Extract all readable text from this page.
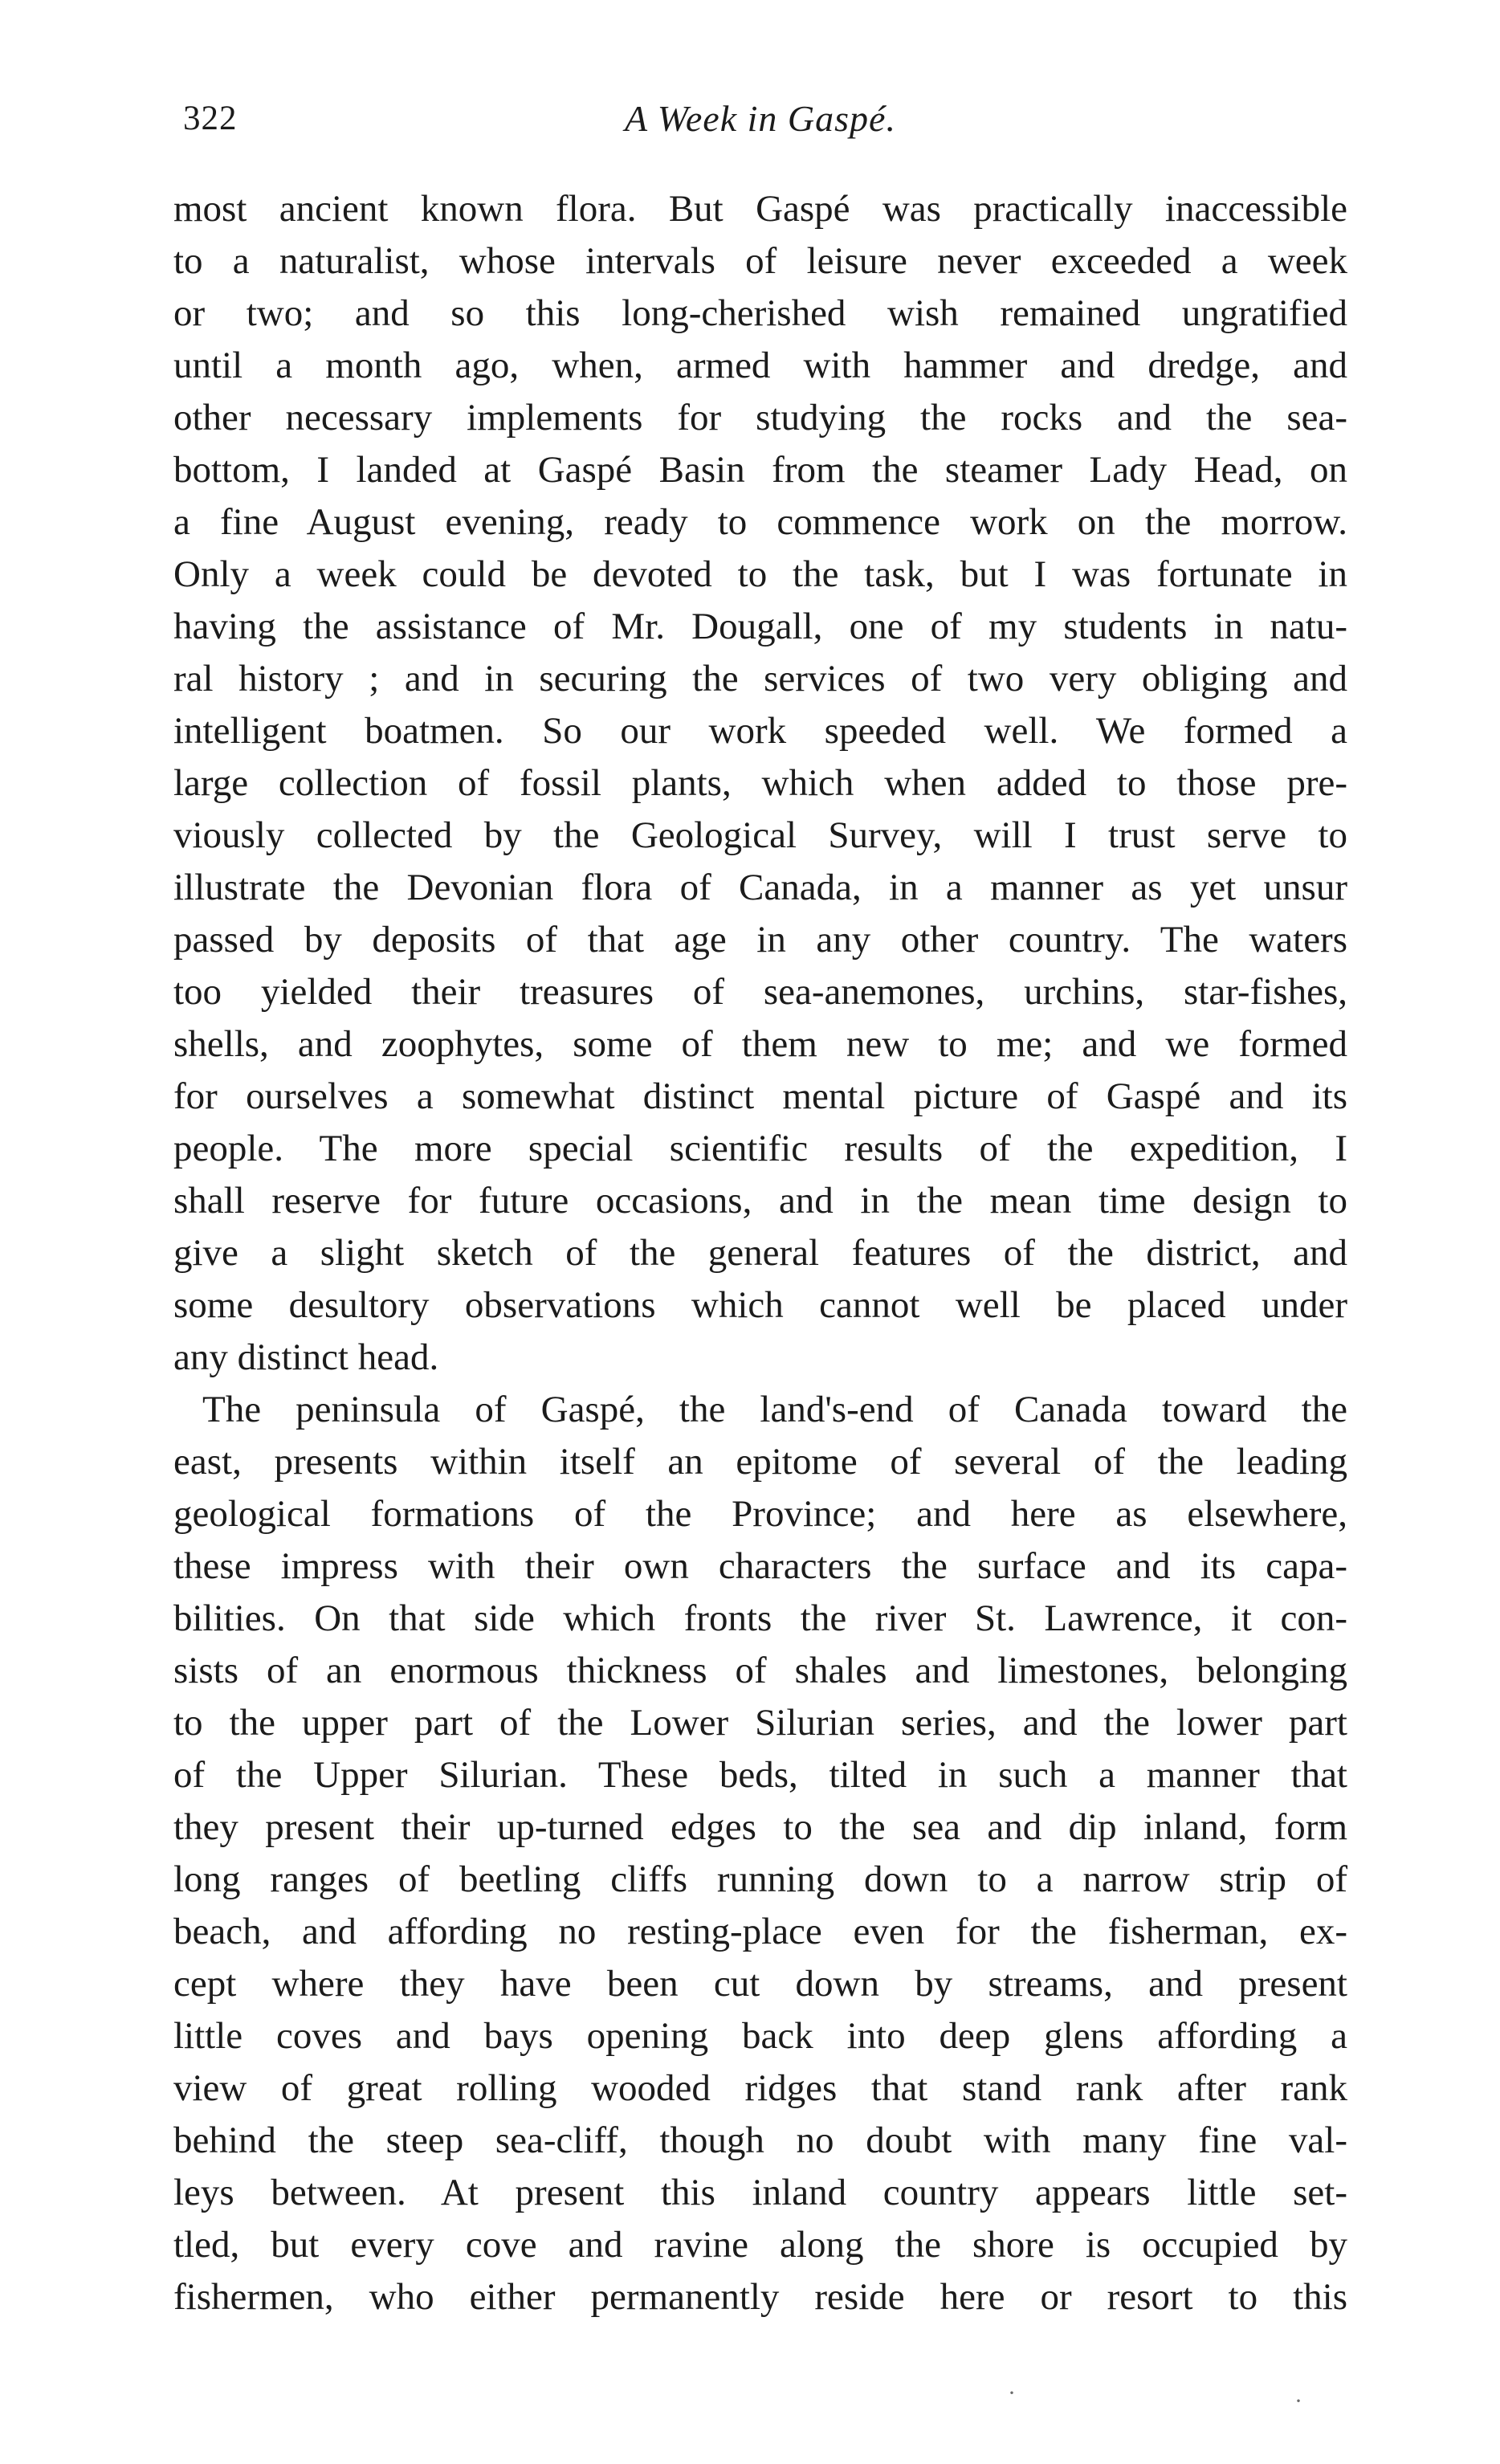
322	A Week in Gaspé.
most ancient known flora. But Gaspé was practically inaccessible
to a naturalist, whose intervals of leisure never exceeded a week
or two; and so this long-cherished wish remained ungratified
until a month ago, when, armed with hammer and dredge, and
other necessary implements for studying the rocks and the sea-
bottom, I landed at Gaspé Basin from the steamer Lady Head, on
a fine August evening, ready to commence work on the morrow.
Only a week could be devoted to the task, but I was fortunate in
having the assistance of Mr. Dougall, one of my students in natu-
ral history ; and in securing the services of two very obliging and
intelligent boatmen. So our work speeded well. We formed a
large collection of fossil plants, which when added to those pre-
viously collected by the Geological Survey, will I trust serve to
illustrate the Devonian flora of Canada, in a manner as yet unsur
passed by deposits of that age in any other country. The waters
too yielded their treasures of sea-anemones, urchins, star-fishes,
shells, and zoophytes, some of them new to me; and we formed
for ourselves a somewhat distinct mental picture of Gaspé and its
people. The more special scientific results of the expedition, I
shall reserve for future occasions, and in the mean time design to
give a slight sketch of the general features of the district, and
some desultory observations which cannot well be placed under
any distinct head.
The peninsula of Gaspé, the land's-end of Canada toward the
east, presents within itself an epitome of several of the leading
geological formations of the Province; and here as elsewhere,
these impress with their own characters the surface and its capa-
bilities. On that side which fronts the river St. Lawrence, it con-
sists of an enormous thickness of shales and limestones, belonging
to the upper part of the Lower Silurian series, and the lower part
of the Upper Silurian. These beds, tilted in such a manner that
they present their up-turned edges to the sea and dip inland, form
long ranges of beetling cliffs running down to a narrow strip of
beach, and affording no resting-place even for the fisherman, ex-
cept where they have been cut down by streams, and present
little coves and bays opening back into deep glens affording a
view of great rolling wooded ridges that stand rank after rank
behind the steep sea-cliff, though no doubt with many fine val-
leys between. At present this inland country appears little set-
tled, but every cove and ravine along the shore is occupied by
fishermen, who either permanently reside here or resort to this
·	·
